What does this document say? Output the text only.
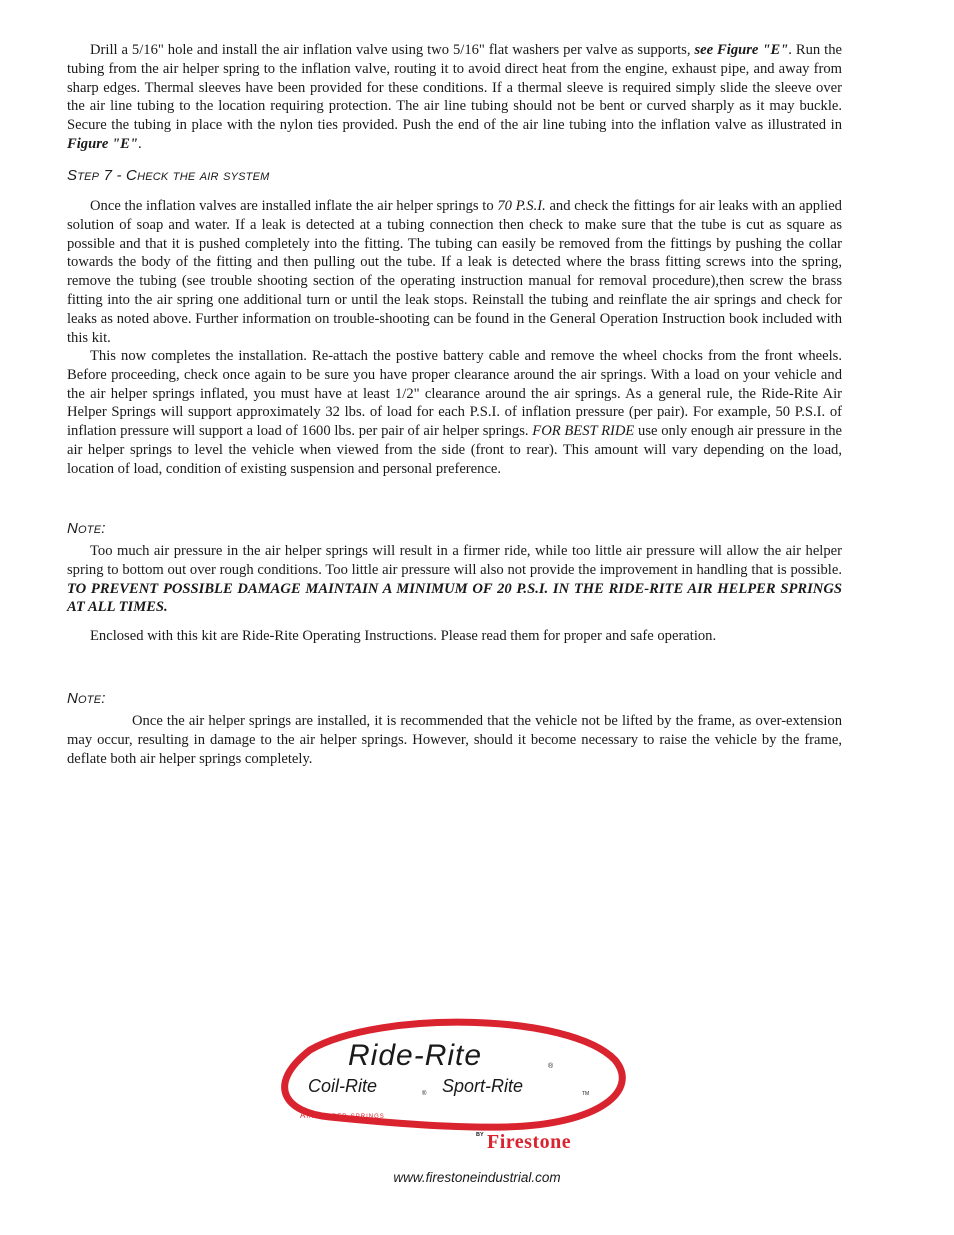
Drill a 5/16" hole and install the air inflation valve using two 5/16" flat washers per valve as supports, see Figure "E". Run the tubing from the air helper spring to the inflation valve, routing it to avoid direct heat from the engine, exhaust pipe, and away from sharp edges. Thermal sleeves have been provided for these conditions. If a thermal sleeve is required simply slide the sleeve over the air line tubing to the location requiring protection. The air line tubing should not be bent or curved sharply as it may buckle. Secure the tubing in place with the nylon ties provided. Push the end of the air line tubing into the inflation valve as illustrated in Figure "E".

Step 7 - Check the air system

Once the inflation valves are installed inflate the air helper springs to 70 P.S.I. and check the fittings for air leaks with an applied solution of soap and water. If a leak is detected at a tubing connection then check to make sure that the tube is cut as square as possible and that it is pushed completely into the fitting. The tubing can easily be removed from the fittings by pushing the collar towards the body of the fitting and then pulling out the tube. If a leak is detected where the brass fitting screws into the spring, remove the tubing (see trouble shooting section of the operating instruction manual for removal procedure),then screw the brass fitting into the air spring one additional turn or until the leak stops. Reinstall the tubing and reinflate the air springs and check for leaks as noted above. Further information on trouble-shooting can be found in the General Operation Instruction book included with this kit.

This now completes the installation. Re-attach the postive battery cable and remove the wheel chocks from the front wheels. Before proceeding, check once again to be sure you have proper clearance around the air springs. With a load on your vehicle and the air helper springs inflated, you must have at least 1/2" clearance around the air springs. As a general rule, the Ride-Rite Air Helper Springs will support approximately 32 lbs. of load for each P.S.I. of inflation pressure (per pair). For example, 50 P.S.I. of inflation pressure will support a load of 1600 lbs. per pair of air helper springs. FOR BEST RIDE use only enough air pressure in the air helper springs to level the vehicle when viewed from the side (front to rear). This amount will vary depending on the load, location of load, condition of existing suspension and personal preference.

Note:

Too much air pressure in the air helper springs will result in a firmer ride, while too little air pressure will allow the air helper spring to bottom out over rough conditions. Too little air pressure will also not provide the improvement in handling that is possible. TO PREVENT POSSIBLE DAMAGE MAINTAIN A MINIMUM OF 20 P.S.I. IN THE RIDE-RITE AIR HELPER SPRINGS AT ALL TIMES.

Enclosed with this kit are Ride-Rite Operating Instructions. Please read them for proper and safe operation.

Note:

Once the air helper springs are installed, it is recommended that the vehicle not be lifted by the frame, as over-extension may occur, resulting in damage to the air helper springs. However, should it become necessary to raise the vehicle by the frame, deflate both air helper springs completely.

Ride-Rite	®
Coil-Rite	® Sport-Rite	TM
Air helper springs
BY Firestone
www.firestoneindustrial.com
